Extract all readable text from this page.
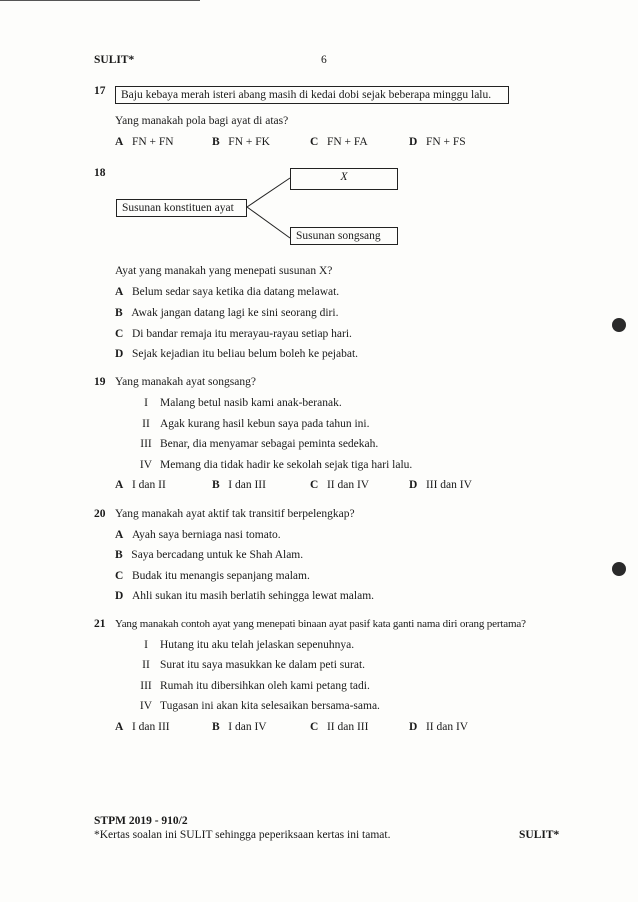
SULIT*	6
17	Baju kebaya merah isteri abang masih di kedai dobi sejak beberapa minggu lalu.
Yang manakah pola bagi ayat di atas?
A FN + FN	B FN + FK	C FN + FA	D FN + FS
18	X
Susunan konstituen ayat
Susunan songsang
Ayat yang manakah yang menepati susunan X?
A Belum sedar saya ketika dia datang melawat.
B Awak jangan datang lagi ke sini seorang diri.
C Di bandar remaja itu merayau-rayau setiap hari.
D Sejak kejadian itu beliau belum boleh ke pejabat.
19 Yang manakah ayat songsang?
I Malang betul nasib kami anak-beranak.
II Agak kurang hasil kebun saya pada tahun ini.
III Benar, dia menyamar sebagai peminta sedekah.
IV Memang dia tidak hadir ke sekolah sejak tiga hari lalu.
A I dan II	B I dan III	C II dan IV	D III dan IV
20 Yang manakah ayat aktif tak transitif berpelengkap?
A Ayah saya berniaga nasi tomato.
B Saya bercadang untuk ke Shah Alam.
C Budak itu menangis sepanjang malam.
D Ahli sukan itu masih berlatih sehingga lewat malam.
21 Yang manakah contoh ayat yang menepati binaan ayat pasif kata ganti nama diri orang pertama?
I Hutang itu aku telah jelaskan sepenuhnya.
II Surat itu saya masukkan ke dalam peti surat.
III Rumah itu dibersihkan oleh kami petang tadi.
IV Tugasan ini akan kita selesaikan bersama-sama.
A I dan III	B I dan IV	C II dan III	D II dan IV
STPM 2019 - 910/2
*Kertas soalan ini SULIT sehingga peperiksaan kertas ini tamat.	SULIT*
